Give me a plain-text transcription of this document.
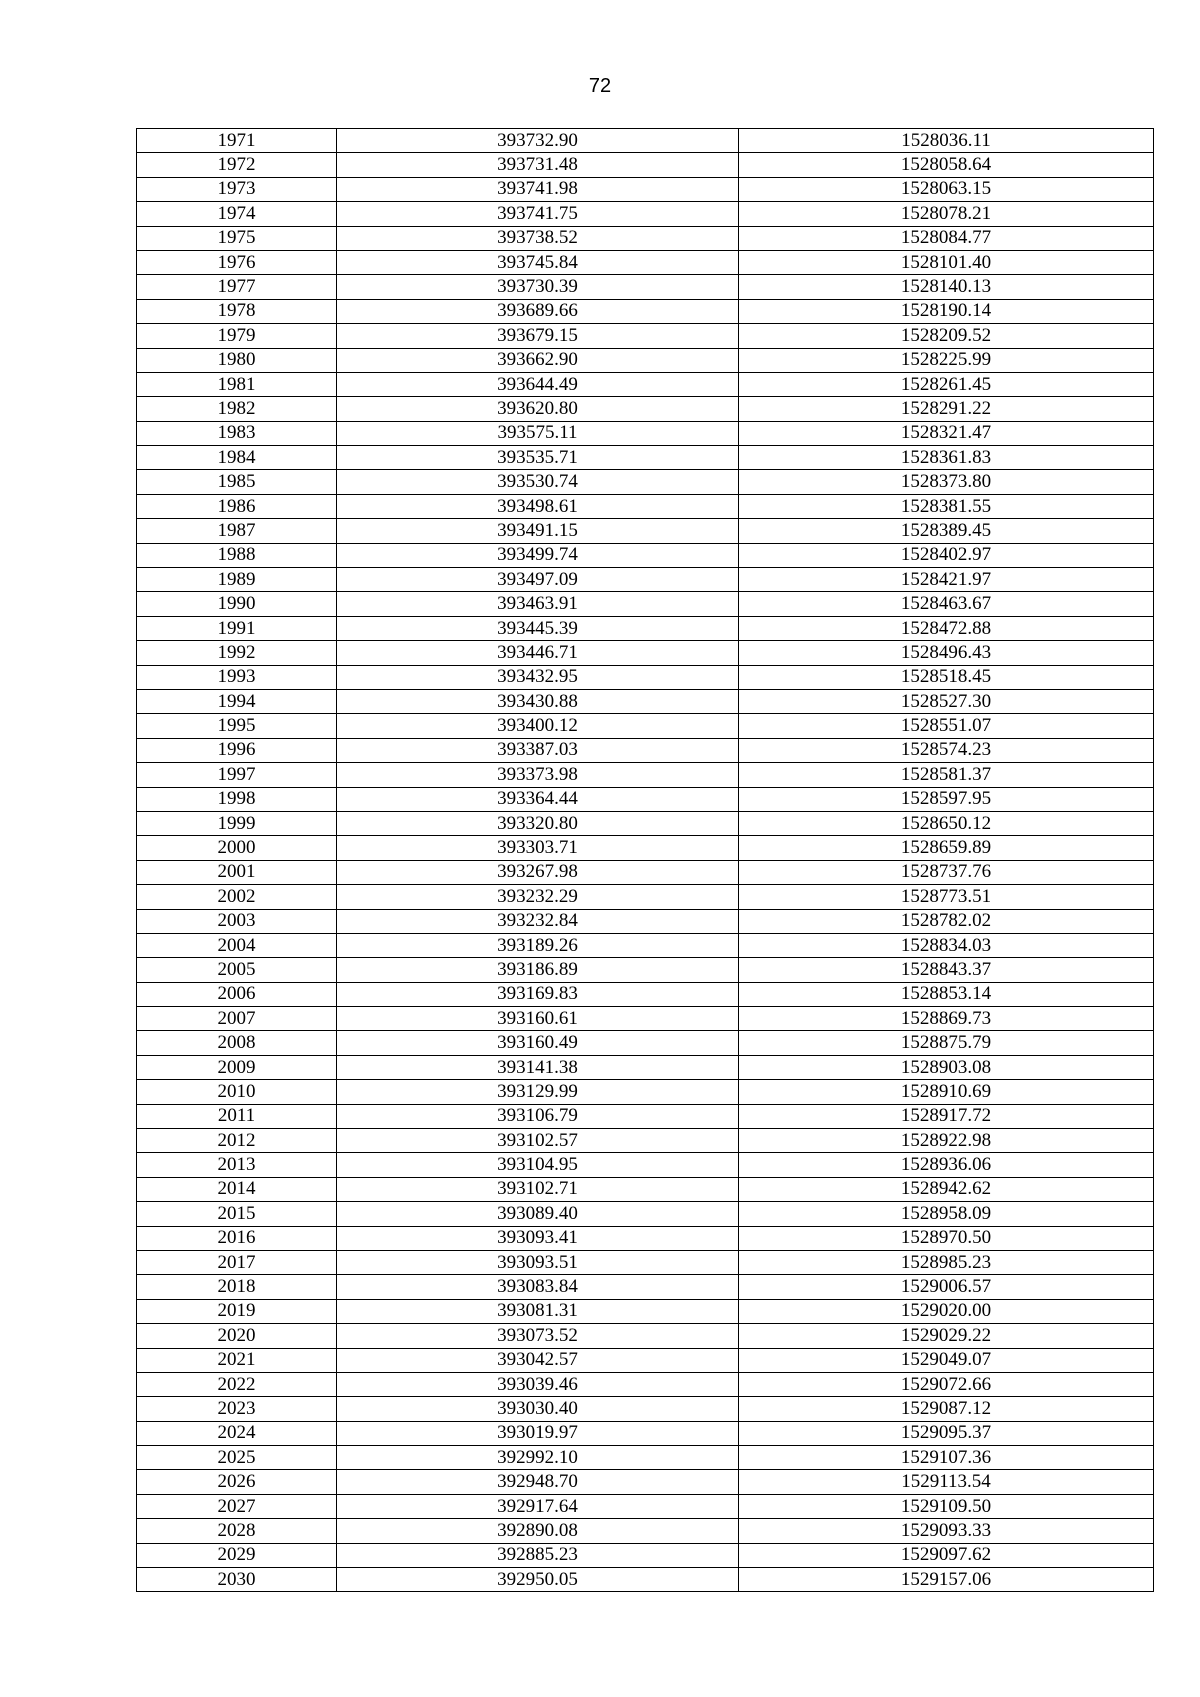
72
1971	393732.90	1528036.11
1972	393731.48	1528058.64
1973	393741.98	1528063.15
1974	393741.75	1528078.21
1975	393738.52	1528084.77
1976	393745.84	1528101.40
1977	393730.39	1528140.13
1978	393689.66	1528190.14
1979	393679.15	1528209.52
1980	393662.90	1528225.99
1981	393644.49	1528261.45
1982	393620.80	1528291.22
1983	393575.11	1528321.47
1984	393535.71	1528361.83
1985	393530.74	1528373.80
1986	393498.61	1528381.55
1987	393491.15	1528389.45
1988	393499.74	1528402.97
1989	393497.09	1528421.97
1990	393463.91	1528463.67
1991	393445.39	1528472.88
1992	393446.71	1528496.43
1993	393432.95	1528518.45
1994	393430.88	1528527.30
1995	393400.12	1528551.07
1996	393387.03	1528574.23
1997	393373.98	1528581.37
1998	393364.44	1528597.95
1999	393320.80	1528650.12
2000	393303.71	1528659.89
2001	393267.98	1528737.76
2002	393232.29	1528773.51
2003	393232.84	1528782.02
2004	393189.26	1528834.03
2005	393186.89	1528843.37
2006	393169.83	1528853.14
2007	393160.61	1528869.73
2008	393160.49	1528875.79
2009	393141.38	1528903.08
2010	393129.99	1528910.69
2011	393106.79	1528917.72
2012	393102.57	1528922.98
2013	393104.95	1528936.06
2014	393102.71	1528942.62
2015	393089.40	1528958.09
2016	393093.41	1528970.50
2017	393093.51	1528985.23
2018	393083.84	1529006.57
2019	393081.31	1529020.00
2020	393073.52	1529029.22
2021	393042.57	1529049.07
2022	393039.46	1529072.66
2023	393030.40	1529087.12
2024	393019.97	1529095.37
2025	392992.10	1529107.36
2026	392948.70	1529113.54
2027	392917.64	1529109.50
2028	392890.08	1529093.33
2029	392885.23	1529097.62
2030	392950.05	1529157.06
